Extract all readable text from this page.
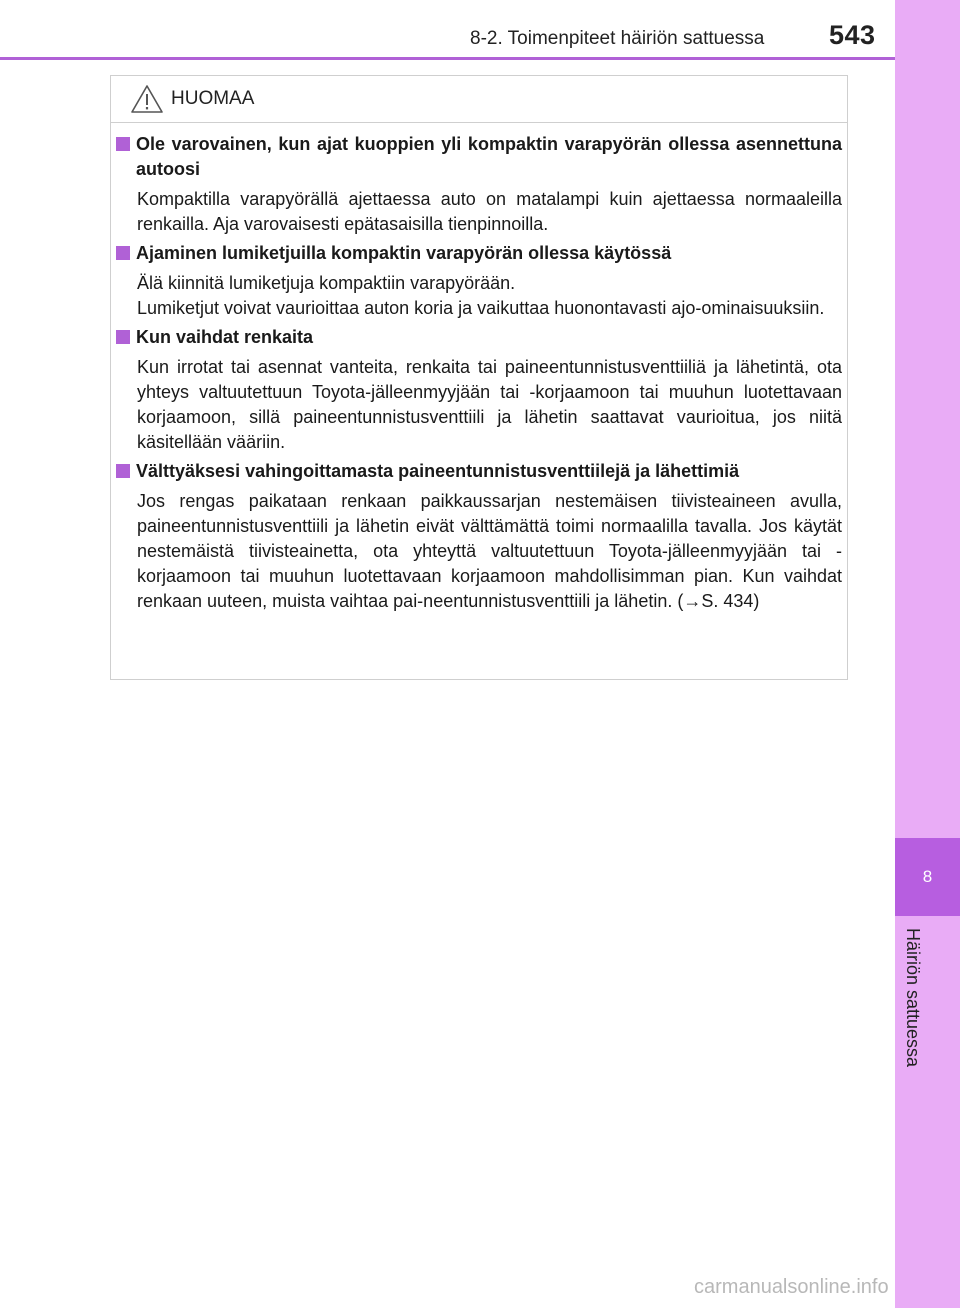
8-2. Toimenpiteet häiriön sattuessa 543
8
Häiriön sattuessa
HUOMAA
Ole varovainen, kun ajat kuoppien yli kompaktin varapyörän ollessa asennettuna autoosi

Kompaktilla varapyörällä ajettaessa auto on matalampi kuin ajettaessa normaaleilla renkailla. Aja varovaisesti epätasaisilla tienpinnoilla.

Ajaminen lumiketjuilla kompaktin varapyörän ollessa käytössä

Älä kiinnitä lumiketjuja kompaktiin varapyörään.

Lumiketjut voivat vaurioittaa auton koria ja vaikuttaa huonontavasti ajo-ominaisuuksiin.

Kun vaihdat renkaita

Kun irrotat tai asennat vanteita, renkaita tai paineentunnistusventtiiliä ja lähetintä, ota yhteys valtuutettuun Toyota-jälleenmyyjään tai -korjaamoon tai muuhun luotettavaan korjaamoon, sillä paineentunnistusventtiili ja lähetin saattavat vaurioitua, jos niitä käsitellään vääriin.

Välttyäksesi vahingoittamasta paineentunnistusventtiilejä ja lähettimiä

Jos rengas paikataan renkaan paikkaussarjan nestemäisen tiivisteaineen avulla, paineentunnistusventtiili ja lähetin eivät välttämättä toimi normaalilla tavalla. Jos käytät nestemäistä tiivisteainetta, ota yhteyttä valtuutettuun Toyota-jälleenmyyjään tai -korjaamoon tai muuhun luotettavaan korjaamoon mahdollisimman pian. Kun vaihdat renkaan uuteen, muista vaihtaa pai-neentunnistusventtiili ja lähetin. (→S. 434)

carmanualsonline.info
